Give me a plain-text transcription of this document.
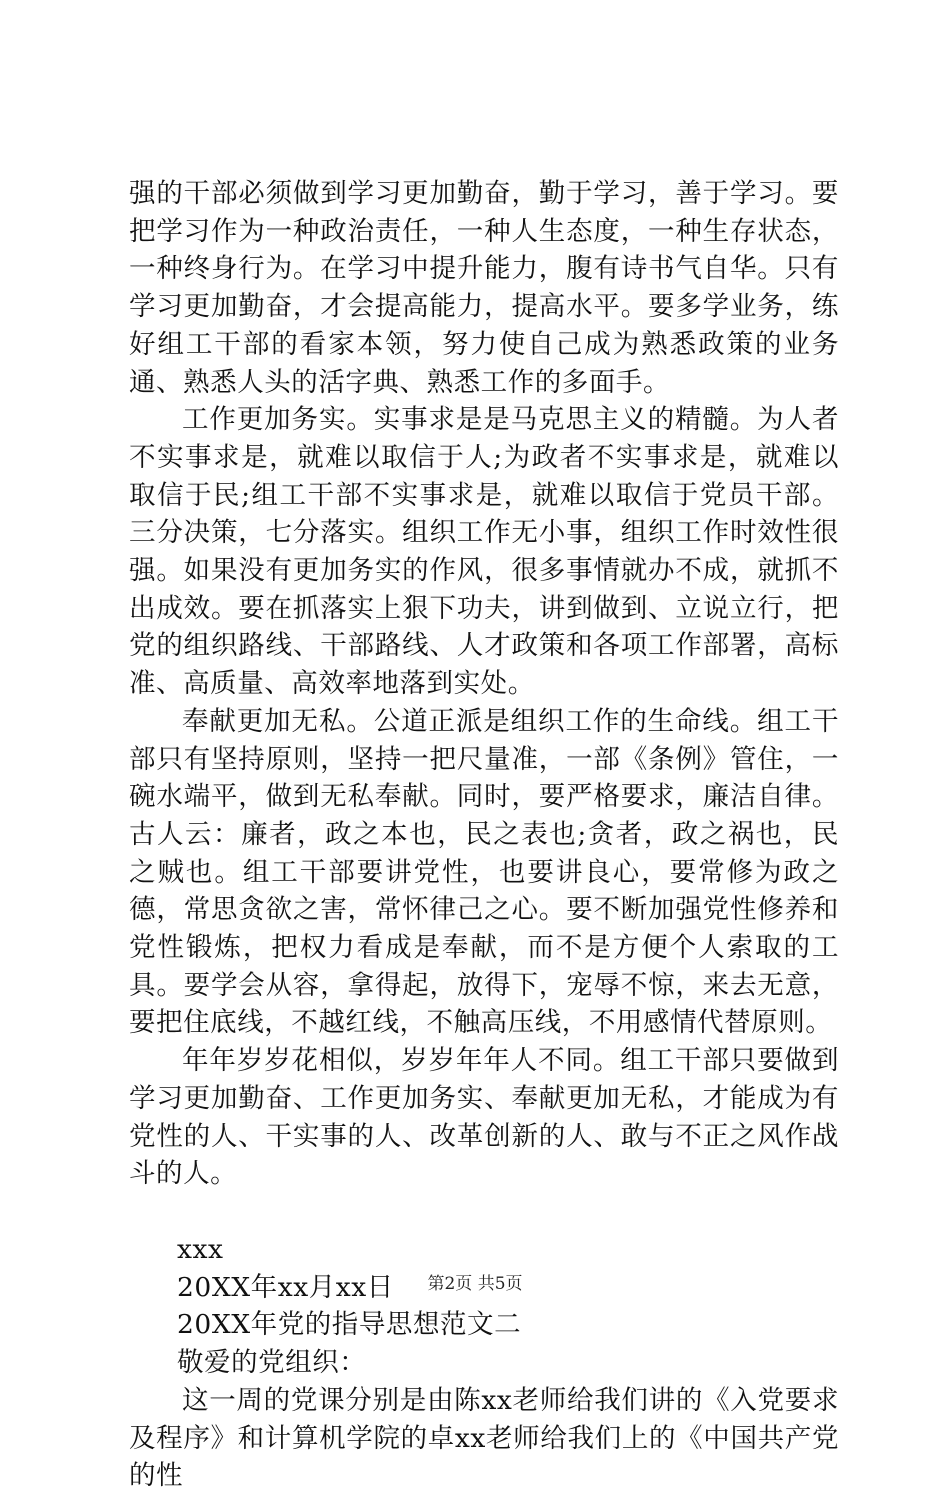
强的干部必须做到学习更加勤奋，勤于学习，善于学习。要把学习作为一种政治责任，一种人生态度，一种生存状态，一种终身行为。在学习中提升能力，腹有诗书气自华。只有学习更加勤奋，才会提高能力，提高水平。要多学业务，练好组工干部的看家本领，努力使自己成为熟悉政策的业务通、熟悉人头的活字典、熟悉工作的多面手。

工作更加务实。实事求是是马克思主义的精髓。为人者不实事求是，就难以取信于人;为政者不实事求是，就难以取信于民;组工干部不实事求是，就难以取信于党员干部。三分决策，七分落实。组织工作无小事，组织工作时效性很强。如果没有更加务实的作风，很多事情就办不成，就抓不出成效。要在抓落实上狠下功夫，讲到做到、立说立行，把党的组织路线、干部路线、人才政策和各项工作部署，高标准、高质量、高效率地落到实处。

奉献更加无私。公道正派是组织工作的生命线。组工干部只有坚持原则，坚持一把尺量准，一部《条例》管住，一碗水端平，做到无私奉献。同时，要严格要求，廉洁自律。古人云：廉者，政之本也，民之表也;贪者，政之祸也，民之贼也。组工干部要讲党性，也要讲良心，要常修为政之德，常思贪欲之害，常怀律己之心。要不断加强党性修养和党性锻炼，把权力看成是奉献，而不是方便个人索取的工具。要学会从容，拿得起，放得下，宠辱不惊，来去无意，要把住底线，不越红线，不触高压线，不用感情代替原则。

年年岁岁花相似，岁岁年年人不同。组工干部只要做到学习更加勤奋、工作更加务实、奉献更加无私，才能成为有党性的人、干实事的人、改革创新的人、敢与不正之风作战斗的人。

xxx

20XX年xx月xx日

20XX年党的指导思想范文二

敬爱的党组织：

这一周的党课分别是由陈xx老师给我们讲的《入党要求及程序》和计算机学院的卓xx老师给我们上的《中国共产党的性

第2页 共5页
